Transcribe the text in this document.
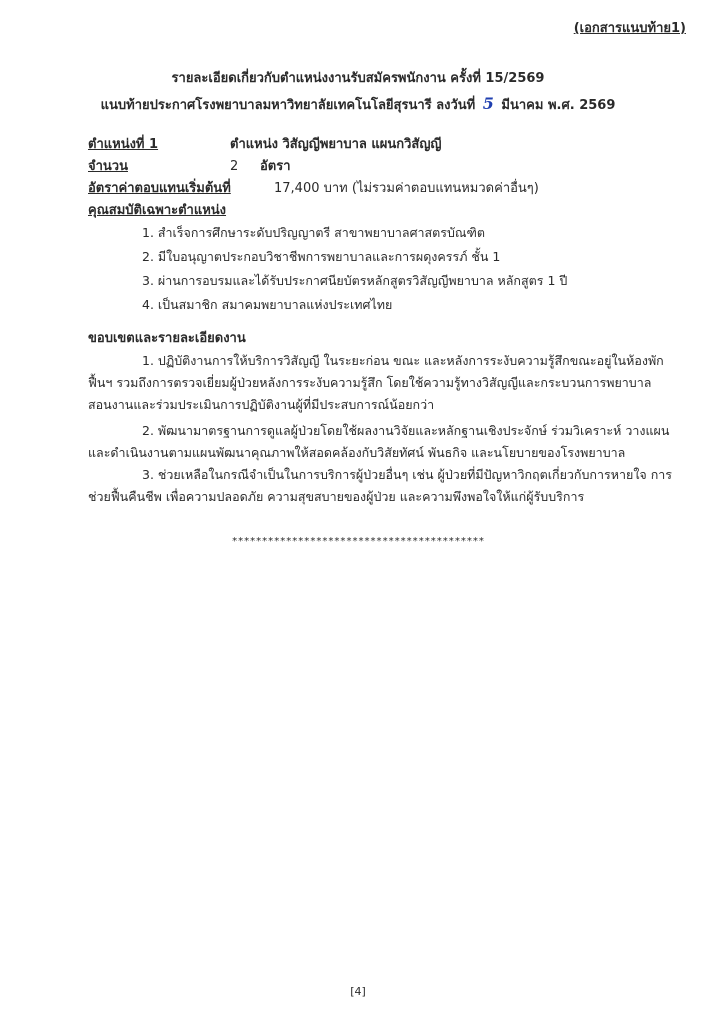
(เอกสารแนบท้าย1)
รายละเอียดเกี่ยวกับตำแหน่งงานรับสมัครพนักงาน ครั้งที่ 15/2569
แนบท้ายประกาศโรงพยาบาลมหาวิทยาลัยเทคโนโลยีสุรนารี ลงวันที่ 5 มีนาคม พ.ศ. 2569
ตำแหน่งที่ 1	ตำแหน่ง วิสัญญีพยาบาล แผนกวิสัญญี
จำนวน	2 อัตรา
อัตราค่าตอบแทนเริ่มต้นที่	17,400 บาท (ไม่รวมค่าตอบแทนหมวดค่าอื่นๆ)
คุณสมบัติเฉพาะตำแหน่ง
1. สำเร็จการศึกษาระดับปริญญาตรี สาขาพยาบาลศาสตรบัณฑิต
2. มีใบอนุญาตประกอบวิชาชีพการพยาบาลและการผดุงครรภ์ ชั้น 1
3. ผ่านการอบรมและได้รับประกาศนียบัตรหลักสูตรวิสัญญีพยาบาล หลักสูตร 1 ปี
4. เป็นสมาชิก สมาคมพยาบาลแห่งประเทศไทย
ขอบเขตและรายละเอียดงาน
1. ปฏิบัติงานการให้บริการวิสัญญี ในระยะก่อน ขณะ และหลังการระงับความรู้สึกขณะอยู่ในห้องพัก
ฟื้นฯ รวมถึงการตรวจเยี่ยมผู้ป่วยหลังการระงับความรู้สึก โดยใช้ความรู้ทางวิสัญญีและกระบวนการพยาบาล
สอนงานและร่วมประเมินการปฏิบัติงานผู้ที่มีประสบการณ์น้อยกว่า
2. พัฒนามาตรฐานการดูแลผู้ป่วยโดยใช้ผลงานวิจัยและหลักฐานเชิงประจักษ์ ร่วมวิเคราะห์ วางแผน
และดำเนินงานตามแผนพัฒนาคุณภาพให้สอดคล้องกับวิสัยทัศน์ พันธกิจ และนโยบายของโรงพยาบาล
3. ช่วยเหลือในกรณีจำเป็นในการบริการผู้ป่วยอื่นๆ เช่น ผู้ป่วยที่มีปัญหาวิกฤตเกี่ยวกับการหายใจ การ
ช่วยฟื้นคืนชีพ เพื่อความปลอดภัย ความสุขสบายของผู้ป่วย และความพึงพอใจให้แก่ผู้รับบริการ
******************************************
[4]
